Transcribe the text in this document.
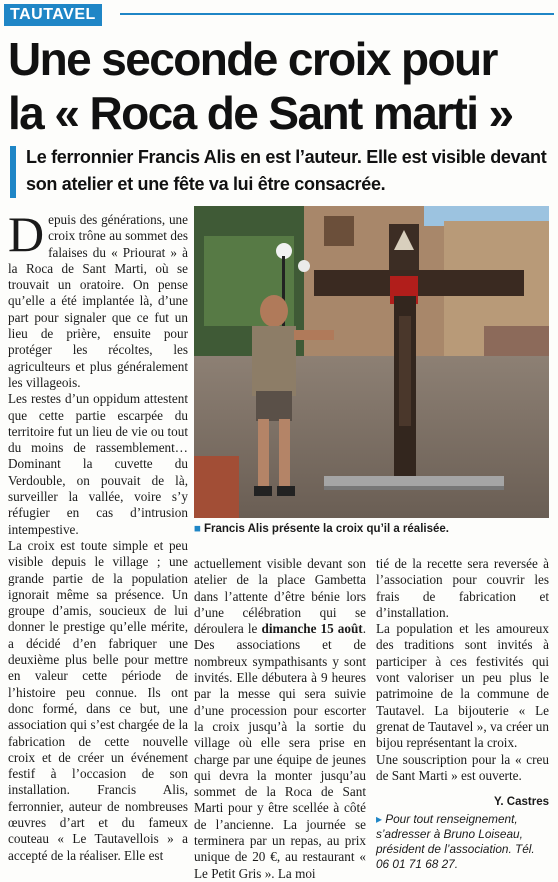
TAUTAVEL
Une seconde croix pour
la « Roca de Sant marti »

Le ferronnier Francis Alis en est l’auteur. Elle est visible devant son atelier et une fête va lui être consacrée.

Depuis des générations, une croix trône au sommet des falaises du « Priourat » à la Roca de Sant Marti, où se trouvait un oratoire. On pense qu’elle a été implantée là, d’une part pour signaler que ce fut un lieu de prière, ensuite pour protéger les récoltes, les agriculteurs et plus généralement les villageois.

Les restes d’un oppidum attestent que cette partie escarpée du territoire fut un lieu de vie ou tout du moins de rassemblement… Dominant la cuvette du Verdouble, on pouvait de là, surveiller la vallée, voire s’y réfugier en cas d’intrusion intempestive.

La croix est toute simple et peu visible depuis le village ; une grande partie de la population ignorait même sa présence. Un groupe d’amis, soucieux de lui donner le prestige qu’elle mérite, a décidé d’en fabriquer une deuxième plus belle pour mettre en valeur cette période de l’histoire peu connue. Ils ont donc formé, dans ce but, une association qui s’est chargée de la fabrication de cette nouvelle croix et de créer un événement festif à l’occasion de son installation. Francis Alis, ferronnier, auteur de nombreuses œuvres d’art et du fameux couteau « Le Tautavellois » a accepté de la réaliser. Elle est

■ Francis Alis présente la croix qu’il a réalisée.

actuellement visible devant son atelier de la place Gambetta dans l’attente d’être bénie lors d’une célébration qui se déroulera le dimanche 15 août. Des associations et de nombreux sympathisants y sont invités. Elle débutera à 9 heures par la messe qui sera suivie d’une procession pour escorter la croix jusqu’à la sortie du village où elle sera prise en charge par une équipe de jeunes qui devra la monter jusqu’au sommet de la Roca de Sant Marti pour y être scellée à côté de l’ancienne. La journée se terminera par un repas, au prix unique de 20 €, au restaurant « Le Petit Gris ». La moi

tié de la recette sera reversée à l’association pour couvrir les frais de fabrication et d’installation.

La population et les amoureux des traditions sont invités à participer à ces festivités qui vont valoriser un peu plus le patrimoine de la commune de Tautavel. La bijouterie « Le grenat de Tautavel », va créer un bijou représentant la croix.

Une souscription pour la « creu de Sant Marti » est ouverte.

Y. Castres

▸ Pour tout renseignement, s’adresser à Bruno Loiseau, président de l’association. Tél. 06 01 71 68 27.
